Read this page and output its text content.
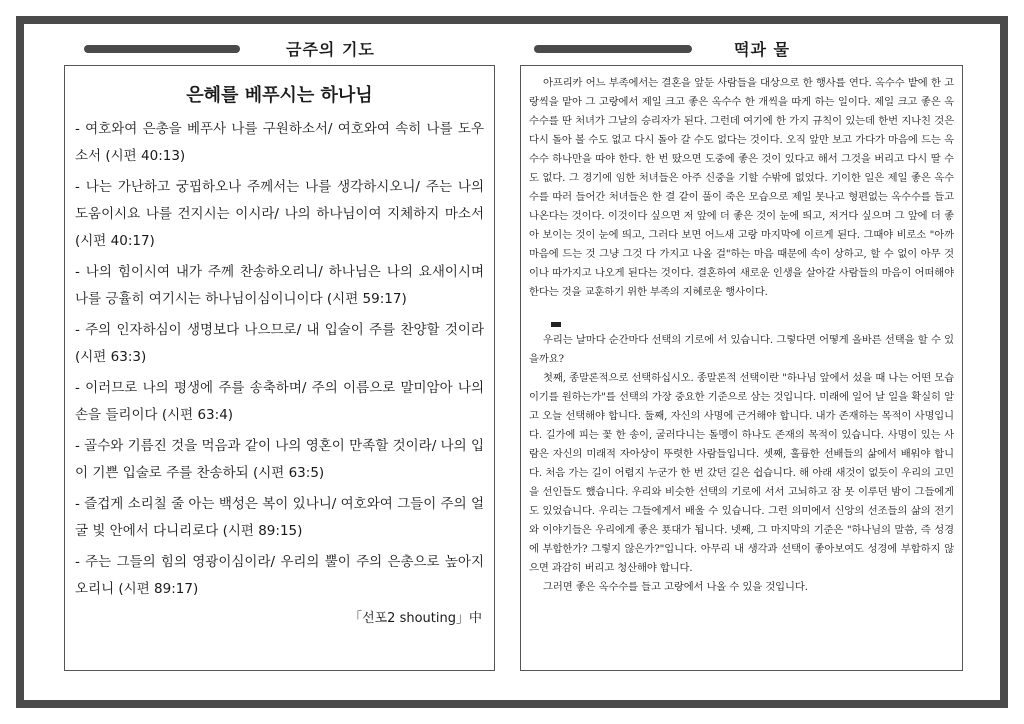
금주의 기도	떡과 물
은혜를 베푸시는 하나님

- 여호와여 은총을 베푸사 나를 구원하소서/ 여호와여 속히 나를 도우소서 (시편 40:13)

- 나는 가난하고 궁핍하오나 주께서는 나를 생각하시오니/ 주는 나의 도움이시요 나를 건지시는 이시라/ 나의 하나님이여 지체하지 마소서 (시편 40:17)

- 나의 힘이시여 내가 주께 찬송하오리니/ 하나님은 나의 요새이시며 나를 긍휼히 여기시는 하나님이심이니이다 (시편 59:17)

- 주의 인자하심이 생명보다 나으므로/ 내 입술이 주를 찬양할 것이라 (시편 63:3)

- 이러므로 나의 평생에 주를 송축하며/ 주의 이름으로 말미암아 나의 손을 들리이다 (시편 63:4)

- 골수와 기름진 것을 먹음과 같이 나의 영혼이 만족할 것이라/ 나의 입이 기쁜 입술로 주를 찬송하되 (시편 63:5)

- 즐겁게 소리칠 줄 아는 백성은 복이 있나니/ 여호와여 그들이 주의 얼굴 빛 안에서 다니리로다 (시편 89:15)

- 주는 그들의 힘의 영광이심이라/ 우리의 뿔이 주의 은총으로 높아지오리니 (시편 89:17)

「선포2 shouting」中

아프리카 어느 부족에서는 결혼을 앞둔 사람들을 대상으로 한 행사를 연다. 옥수수 밭에 한 고랑씩을 맡아 그 고랑에서 제일 크고 좋은 옥수수 한 개씩을 따게 하는 일이다. 제일 크고 좋은 옥수수를 딴 처녀가 그날의 승리자가 된다. 그런데 여기에 한 가지 규칙이 있는데 한번 지나친 것은 다시 돌아 볼 수도 없고 다시 돌아 갈 수도 없다는 것이다. 오직 앞만 보고 가다가 마음에 드는 옥수수 하나만을 따야 한다. 한 번 땄으면 도중에 좋은 것이 있다고 해서 그것을 버리고 다시 딸 수도 없다. 그 경기에 임한 처녀들은 아주 신중을 기할 수밖에 없었다. 기이한 일은 제일 좋은 옥수수를 따러 들어간 처녀들은 한 결 같이 풀이 죽은 모습으로 제일 못나고 형편없는 옥수수를 들고 나온다는 것이다. 이것이다 싶으면 저 앞에 더 좋은 것이 눈에 띄고, 저거다 싶으며 그 앞에 더 좋아 보이는 것이 눈에 띄고, 그러다 보면 어느새 고랑 마지막에 이르게 된다. 그때야 비로소 "아까 마음에 드는 것 그냥 그것 다 가지고 나올 걸"하는 마음 때문에 속이 상하고, 할 수 없이 아무 것이나 따가지고 나오게 된다는 것이다. 결혼하여 새로운 인생을 살아갈 사람들의 마음이 어떠해야 한다는 것을 교훈하기 위한 부족의 지혜로운 행사이다.

우리는 날마다 순간마다 선택의 기로에 서 있습니다. 그렇다면 어떻게 올바른 선택을 할 수 있을까요?

첫째, 종말론적으로 선택하십시오. 종말론적 선택이란 "하나님 앞에서 섰을 때 나는 어떤 모습이기를 원하는가"를 선택의 가장 중요한 기준으로 삼는 것입니다. 미래에 일어 날 일을 확실히 알고 오늘 선택해야 합니다. 둘째, 자신의 사명에 근거해야 합니다. 내가 존재하는 목적이 사명입니다. 길가에 피는 꽃 한 송이, 굴러다니는 돌멩이 하나도 존재의 목적이 있습니다. 사명이 있는 사람은 자신의 미래적 자아상이 뚜렷한 사람들입니다. 셋째, 훌륭한 선배들의 삶에서 배워야 합니다. 처음 가는 길이 어렵지 누군가 한 번 갔던 길은 쉽습니다. 해 아래 새것이 없듯이 우리의 고민을 선인들도 했습니다. 우리와 비슷한 선택의 기로에 서서 고뇌하고 잠 못 이루던 밤이 그들에게도 있었습니다. 우리는 그들에게서 배울 수 있습니다. 그런 의미에서 신앙의 선조들의 삶의 전기와 이야기들은 우리에게 좋은 푯대가 됩니다. 넷째, 그 마지막의 기준은 "하나님의 말씀, 즉 성경에 부합한가? 그렇지 않은가?"입니다. 아무리 내 생각과 선택이 좋아보여도 성경에 부합하지 않으면 과감히 버리고 청산해야 합니다.

그러면 좋은 옥수수를 들고 고랑에서 나올 수 있을 것입니다.
